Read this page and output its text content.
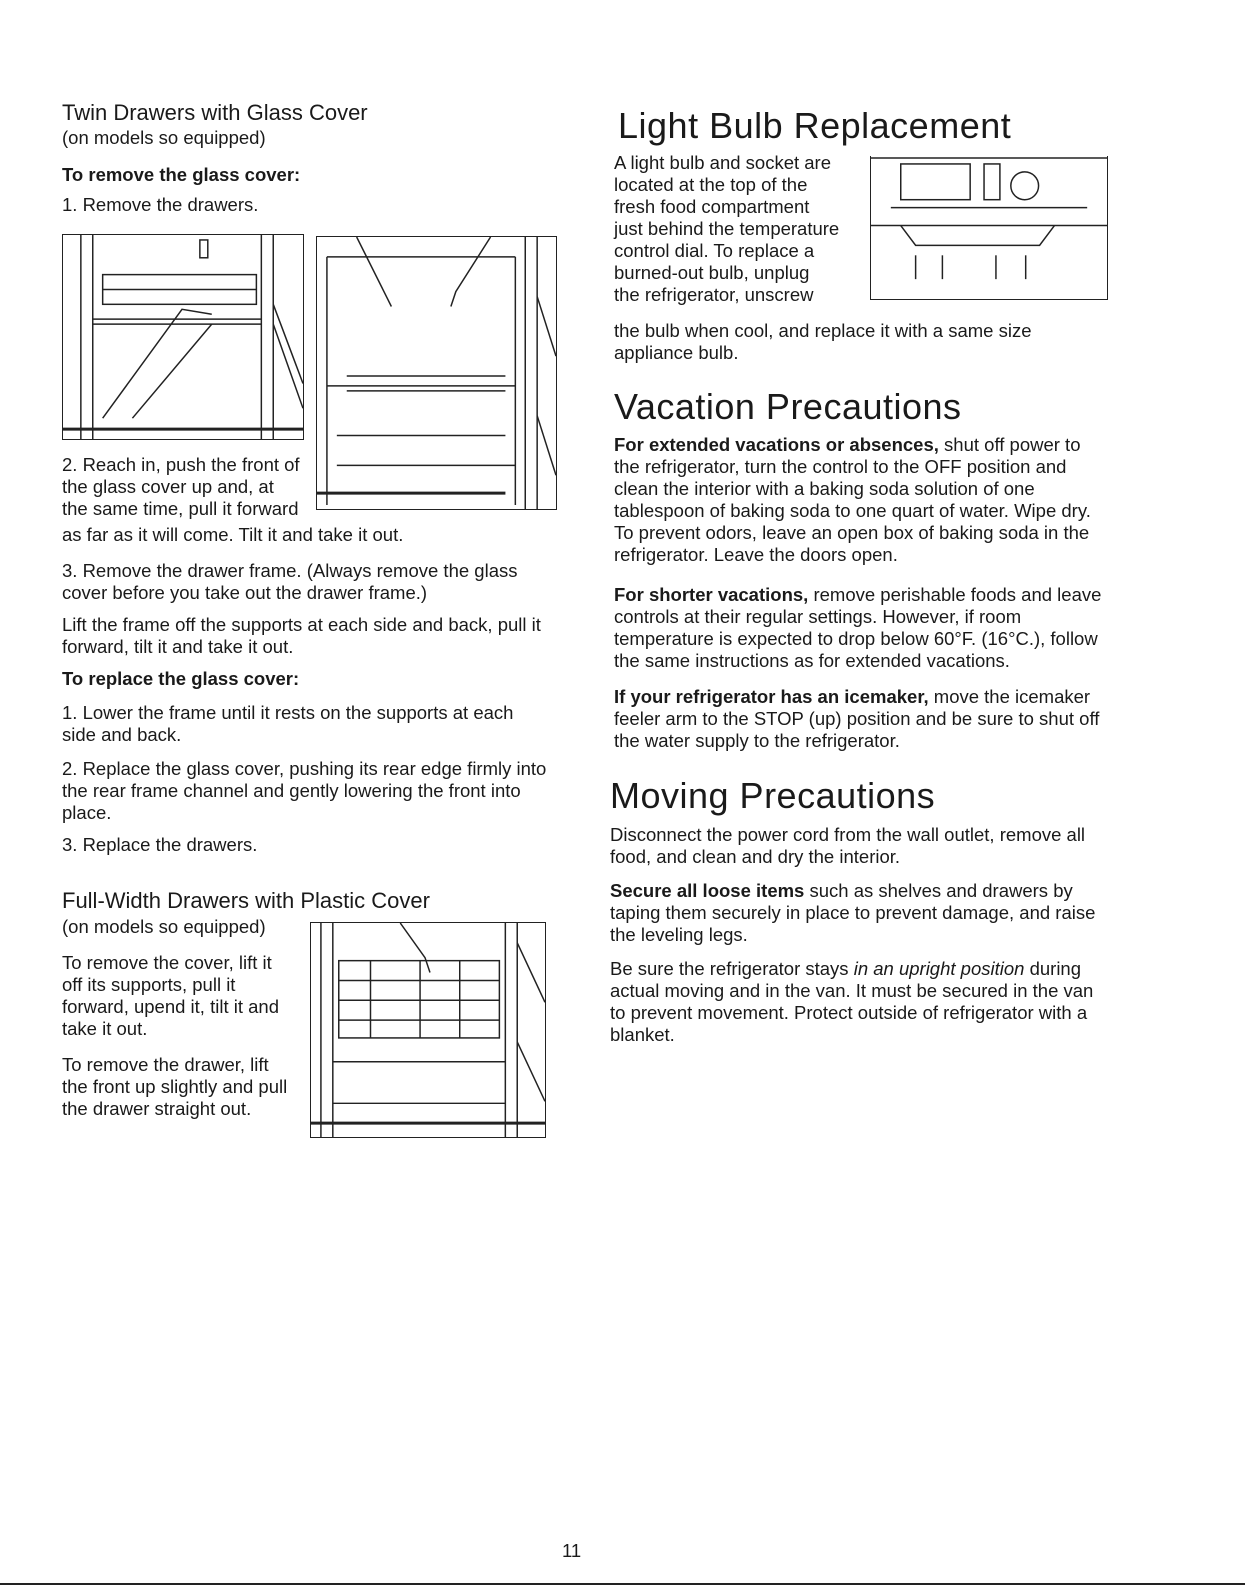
Twin Drawers with Glass Cover
(on models so equipped)
To remove the glass cover:
1. Remove the drawers.
2. Reach in, push the front of
the glass cover up and, at
the same time, pull it forward
as far as it will come. Tilt it and take it out.

3. Remove the drawer frame. (Always remove the glass cover before you take out the drawer frame.)

Lift the frame off the supports at each side and back, pull it forward, tilt it and take it out.

To replace the glass cover:

1. Lower the frame until it rests on the supports at each side and back.

2. Replace the glass cover, pushing its rear edge firmly into the rear frame channel and gently lowering the front into place.

3. Replace the drawers.

Full-Width Drawers with Plastic Cover
(on models so equipped)

To remove the cover, lift it off its supports, pull it forward, upend it, tilt it and take it out.

To remove the drawer, lift the front up slightly and pull the drawer straight out.

Light Bulb Replacement
A light bulb and socket are
located at the top of the
fresh food compartment
just behind the temperature
control dial. To replace a
burned-out bulb, unplug
the refrigerator, unscrew

the bulb when cool, and replace it with a same size appliance bulb.

Vacation Precautions

For extended vacations or absences, shut off power to the refrigerator, turn the control to the OFF position and clean the interior with a baking soda solution of one tablespoon of baking soda to one quart of water. Wipe dry. To prevent odors, leave an open box of baking soda in the refrigerator. Leave the doors open.

For shorter vacations, remove perishable foods and leave controls at their regular settings. However, if room temperature is expected to drop below 60°F. (16°C.), follow the same instructions as for extended vacations.

If your refrigerator has an icemaker, move the icemaker feeler arm to the STOP (up) position and be sure to shut off the water supply to the refrigerator.

Moving Precautions

Disconnect the power cord from the wall outlet, remove all food, and clean and dry the interior.

Secure all loose items such as shelves and drawers by taping them securely in place to prevent damage, and raise the leveling legs.

Be sure the refrigerator stays in an upright position during actual moving and in the van. It must be secured in the van to prevent movement. Protect outside of refrigerator with a blanket.

11
